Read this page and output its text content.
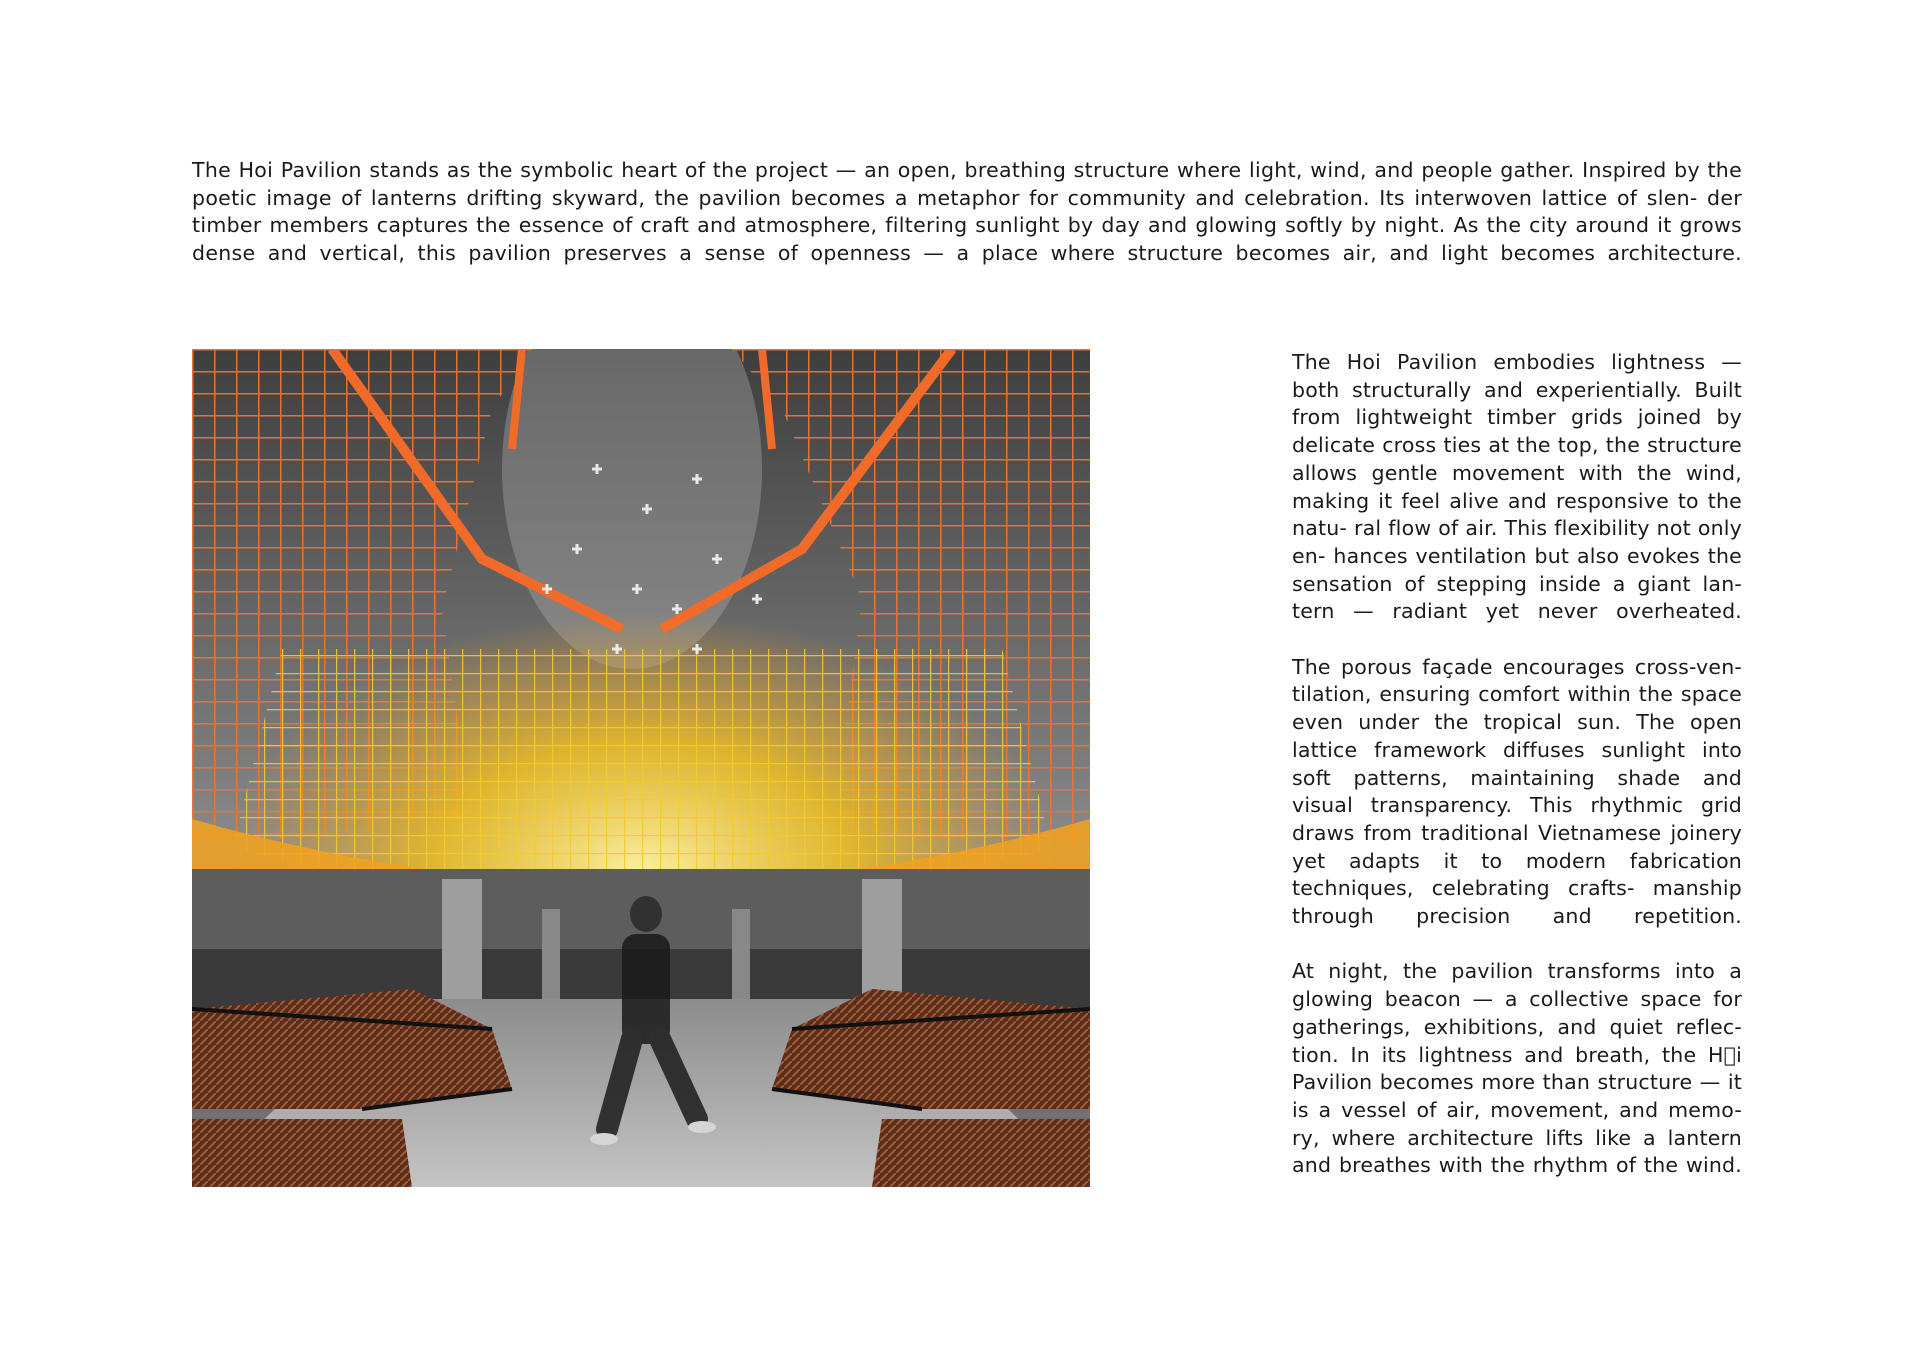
The Hoi Pavilion stands as the symbolic heart of the project — an open, breathing structure where light, wind, and people gather. Inspired by the poetic image of lanterns drifting skyward, the pavilion becomes a metaphor for community and celebration. Its interwoven lattice of slen- der timber members captures the essence of craft and atmosphere, filtering sunlight by day and glowing softly by night. As the city around it grows dense and vertical, this pavilion preserves a sense of openness — a place where structure becomes air, and light becomes architecture.

The Hoi Pavilion embodies lightness — both structurally and experientially. Built from lightweight timber grids joined by delicate cross ties at the top, the structure allows gentle movement with the wind, making it feel alive and responsive to the natu- ral flow of air. This flexibility not only en- hances ventilation but also evokes the sensation of stepping inside a giant lan- tern — radiant yet never overheated.

The porous façade encourages cross-ven- tilation, ensuring comfort within the space even under the tropical sun. The open lattice framework diffuses sunlight into soft patterns, maintaining shade and visual transparency. This rhythmic grid draws from traditional Vietnamese joinery yet adapts it to modern fabrication techniques, celebrating crafts- manship through precision and repetition.

At night, the pavilion transforms into a glowing beacon — a collective space for gatherings, exhibitions, and quiet reflec- tion. In its lightness and breath, the H i Pavilion becomes more than structure — it is a vessel of air, movement, and memo- ry, where architecture lifts like a lantern and breathes with the rhythm of the wind.
